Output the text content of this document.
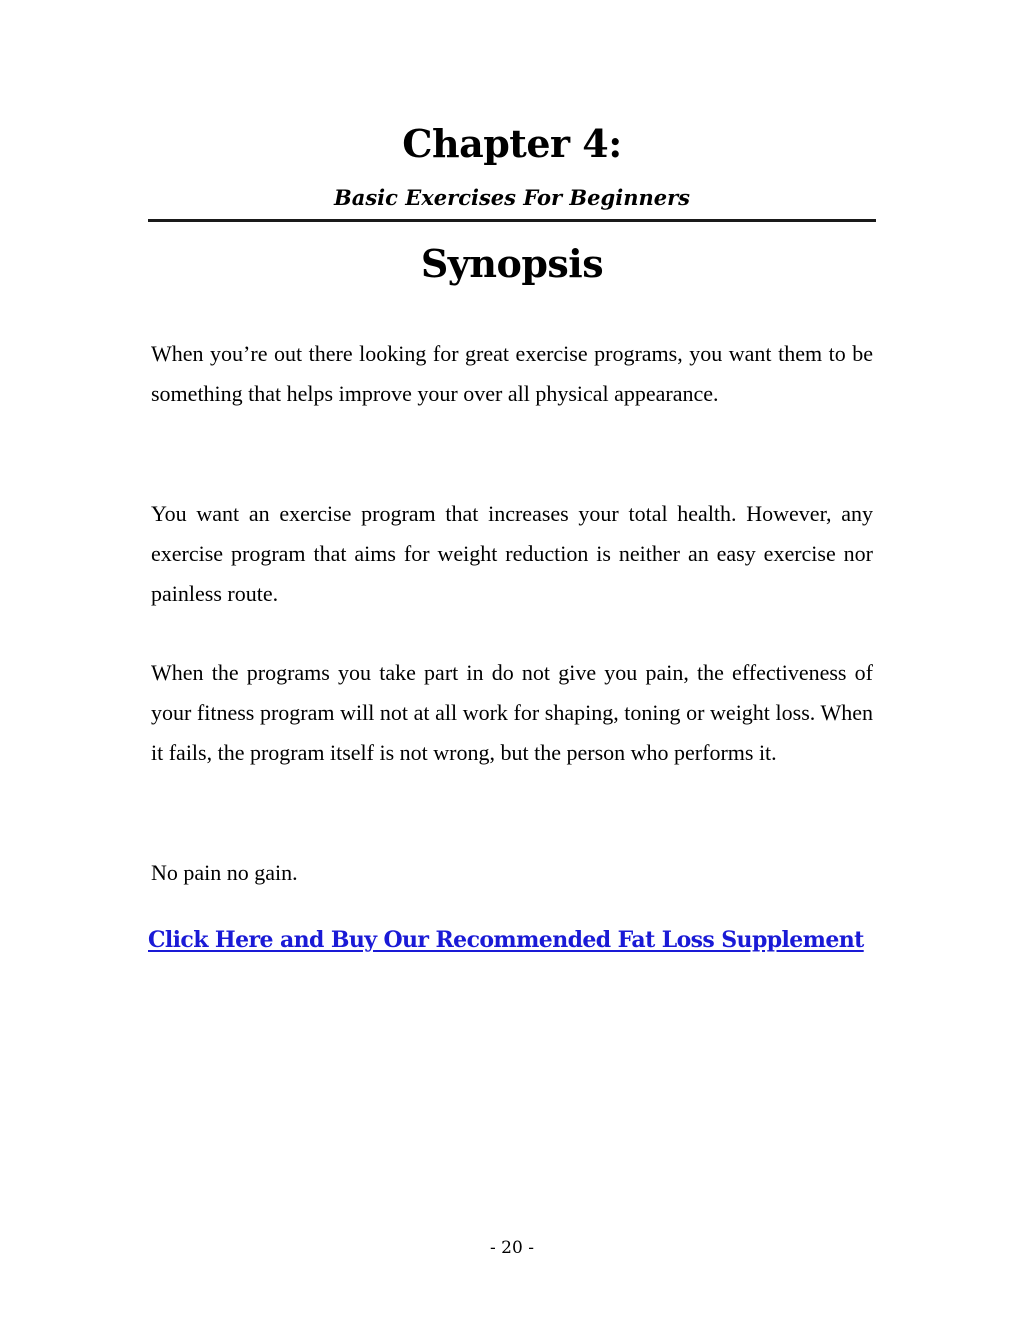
Chapter 4:
Basic Exercises For Beginners
Synopsis

When you’re out there looking for great exercise programs, you want them to be something that helps improve your over all physical appearance.

You want an exercise program that increases your total health. However, any exercise program that aims for weight reduction is neither an easy exercise nor painless route.

When the programs you take part in do not give you pain, the effectiveness of your fitness program will not at all work for shaping, toning or weight loss. When it fails, the program itself is not wrong, but the person who performs it.

No pain no gain.

Click Here and Buy Our Recommended Fat Loss Supplement
- 20 -
